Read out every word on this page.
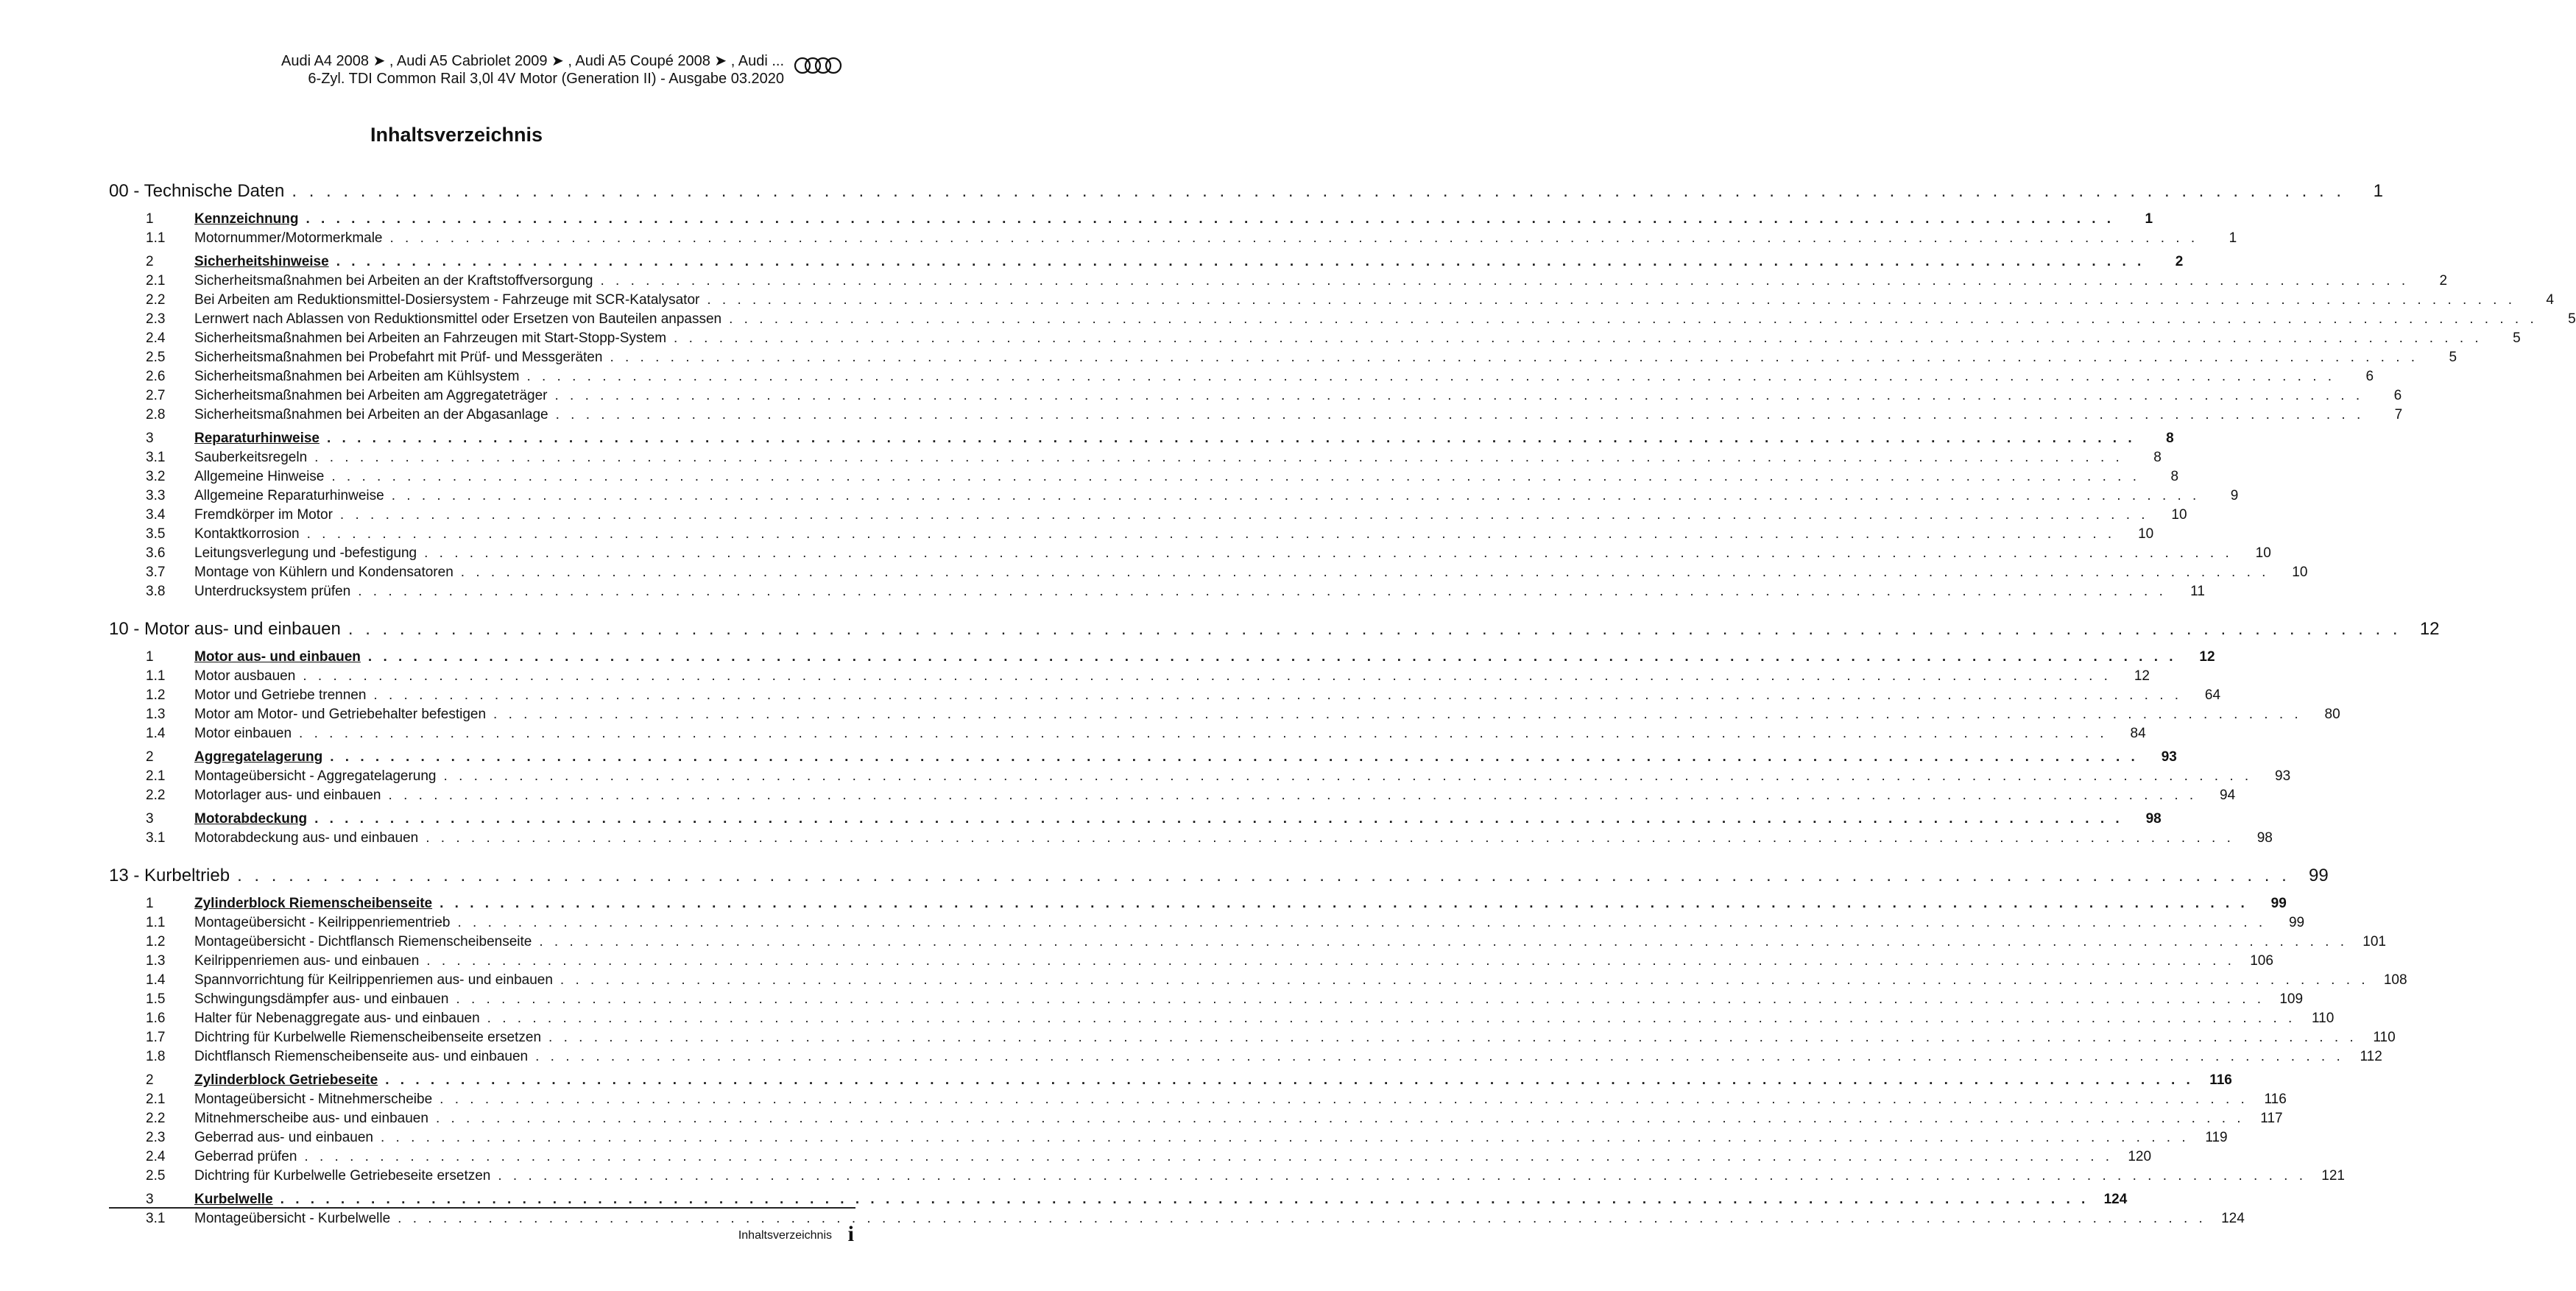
Audi A4 2008 ➤ , Audi A5 Cabriolet 2009 ➤ , Audi A5 Coupé 2008 ➤ , Audi ...
6-Zyl. TDI Common Rail 3,0l 4V Motor (Generation II) - Ausgabe 03.2020
Inhaltsverzeichnis
00 - Technische Daten . . . . . . . . . . . . . . . . . . . . . . . . . . . . . . . . . . . . . . . . . . . . . . . . . . . . . . . . . . . . . . . . . . . . . . . . . . . . . . . . . . . . . . . . . . . . . . . . . . . . . . . . . . . . . . . . . . . . . . . .	1
1	Kennzeichnung . . . . . . . . . . . . . . . . . . . . . . . . . . . . . . . . . . . . . . . . . . . . . . . . . . . . . . . . . . . . . . . . . . . . . . . . . . . . . . . . . . . . . . . . . . . . . . . . . . . . . . . . . . . . . . . . . . . . . . . .	1
1.1	Motornummer/Motormerkmale . . . . . . . . . . . . . . . . . . . . . . . . . . . . . . . . . . . . . . . . . . . . . . . . . . . . . . . . . . . . . . . . . . . . . . . . . . . . . . . . . . . . . . . . . . . . . . . . . . . . . . . . . . . . . . . . . . . . . . . .	1
2	Sicherheitshinweise . . . . . . . . . . . . . . . . . . . . . . . . . . . . . . . . . . . . . . . . . . . . . . . . . . . . . . . . . . . . . . . . . . . . . . . . . . . . . . . . . . . . . . . . . . . . . . . . . . . . . . . . . . . . . . . . . . . . . . . .	2
2.1	Sicherheitsmaßnahmen bei Arbeiten an der Kraftstoffversorgung . . . . . . . . . . . . . . . . . . . . . . . . . . . . . . . . . . . . . . . . . . . . . . . . . . . . . . . . . . . . . . . . . . . . . . . . . . . . . . . . . . . . . . . . . . . . . . . . . . . . . . . . . . . . . . . . . . . . . . . .	2
2.2	Bei Arbeiten am Reduktionsmittel-Dosiersystem - Fahrzeuge mit SCR-Katalysator . . . . . . . . . . . . . . . . . . . . . . . . . . . . . . . . . . . . . . . . . . . . . . . . . . . . . . . . . . . . . . . . . . . . . . . . . . . . . . . . . . . . . . . . . . . . . . . . . . . . . . . . . . . . . . . . . . . . . . . .	4
2.3	Lernwert nach Ablassen von Reduktionsmittel oder Ersetzen von Bauteilen anpassen . . . . . . . . . . . . . . . . . . . . . . . . . . . . . . . . . . . . . . . . . . . . . . . . . . . . . . . . . . . . . . . . . . . . . . . . . . . . . . . . . . . . . . . . . . . . . . . . . . . . . . . . . . . . . . . . . . . . . . . .	5
2.4	Sicherheitsmaßnahmen bei Arbeiten an Fahrzeugen mit Start-Stopp-System . . . . . . . . . . . . . . . . . . . . . . . . . . . . . . . . . . . . . . . . . . . . . . . . . . . . . . . . . . . . . . . . . . . . . . . . . . . . . . . . . . . . . . . . . . . . . . . . . . . . . . . . . . . . . . . . . . . . . . . .	5
2.5	Sicherheitsmaßnahmen bei Probefahrt mit Prüf- und Messgeräten . . . . . . . . . . . . . . . . . . . . . . . . . . . . . . . . . . . . . . . . . . . . . . . . . . . . . . . . . . . . . . . . . . . . . . . . . . . . . . . . . . . . . . . . . . . . . . . . . . . . . . . . . . . . . . . . . . . . . . . .	5
2.6	Sicherheitsmaßnahmen bei Arbeiten am Kühlsystem . . . . . . . . . . . . . . . . . . . . . . . . . . . . . . . . . . . . . . . . . . . . . . . . . . . . . . . . . . . . . . . . . . . . . . . . . . . . . . . . . . . . . . . . . . . . . . . . . . . . . . . . . . . . . . . . . . . . . . . .	6
2.7	Sicherheitsmaßnahmen bei Arbeiten am Aggregateträger . . . . . . . . . . . . . . . . . . . . . . . . . . . . . . . . . . . . . . . . . . . . . . . . . . . . . . . . . . . . . . . . . . . . . . . . . . . . . . . . . . . . . . . . . . . . . . . . . . . . . . . . . . . . . . . . . . . . . . . .	6
2.8	Sicherheitsmaßnahmen bei Arbeiten an der Abgasanlage . . . . . . . . . . . . . . . . . . . . . . . . . . . . . . . . . . . . . . . . . . . . . . . . . . . . . . . . . . . . . . . . . . . . . . . . . . . . . . . . . . . . . . . . . . . . . . . . . . . . . . . . . . . . . . . . . . . . . . . .	7
3	Reparaturhinweise . . . . . . . . . . . . . . . . . . . . . . . . . . . . . . . . . . . . . . . . . . . . . . . . . . . . . . . . . . . . . . . . . . . . . . . . . . . . . . . . . . . . . . . . . . . . . . . . . . . . . . . . . . . . . . . . . . . . . . . .	8
3.1	Sauberkeitsregeln . . . . . . . . . . . . . . . . . . . . . . . . . . . . . . . . . . . . . . . . . . . . . . . . . . . . . . . . . . . . . . . . . . . . . . . . . . . . . . . . . . . . . . . . . . . . . . . . . . . . . . . . . . . . . . . . . . . . . . . .	8
3.2	Allgemeine Hinweise . . . . . . . . . . . . . . . . . . . . . . . . . . . . . . . . . . . . . . . . . . . . . . . . . . . . . . . . . . . . . . . . . . . . . . . . . . . . . . . . . . . . . . . . . . . . . . . . . . . . . . . . . . . . . . . . . . . . . . . .	8
3.3	Allgemeine Reparaturhinweise . . . . . . . . . . . . . . . . . . . . . . . . . . . . . . . . . . . . . . . . . . . . . . . . . . . . . . . . . . . . . . . . . . . . . . . . . . . . . . . . . . . . . . . . . . . . . . . . . . . . . . . . . . . . . . . . . . . . . . . .	9
3.4	Fremdkörper im Motor . . . . . . . . . . . . . . . . . . . . . . . . . . . . . . . . . . . . . . . . . . . . . . . . . . . . . . . . . . . . . . . . . . . . . . . . . . . . . . . . . . . . . . . . . . . . . . . . . . . . . . . . . . . . . . . . . . . . . . . .	10
3.5	Kontaktkorrosion . . . . . . . . . . . . . . . . . . . . . . . . . . . . . . . . . . . . . . . . . . . . . . . . . . . . . . . . . . . . . . . . . . . . . . . . . . . . . . . . . . . . . . . . . . . . . . . . . . . . . . . . . . . . . . . . . . . . . . . .	10
3.6	Leitungsverlegung und -befestigung . . . . . . . . . . . . . . . . . . . . . . . . . . . . . . . . . . . . . . . . . . . . . . . . . . . . . . . . . . . . . . . . . . . . . . . . . . . . . . . . . . . . . . . . . . . . . . . . . . . . . . . . . . . . . . . . . . . . . . . .	10
3.7	Montage von Kühlern und Kondensatoren . . . . . . . . . . . . . . . . . . . . . . . . . . . . . . . . . . . . . . . . . . . . . . . . . . . . . . . . . . . . . . . . . . . . . . . . . . . . . . . . . . . . . . . . . . . . . . . . . . . . . . . . . . . . . . . . . . . . . . . .	10
3.8	Unterdrucksystem prüfen . . . . . . . . . . . . . . . . . . . . . . . . . . . . . . . . . . . . . . . . . . . . . . . . . . . . . . . . . . . . . . . . . . . . . . . . . . . . . . . . . . . . . . . . . . . . . . . . . . . . . . . . . . . . . . . . . . . . . . . .	11
10 - Motor aus- und einbauen . . . . . . . . . . . . . . . . . . . . . . . . . . . . . . . . . . . . . . . . . . . . . . . . . . . . . . . . . . . . . . . . . . . . . . . . . . . . . . . . . . . . . . . . . . . . . . . . . . . . . . . . . . . . . . . . . . . . . . . .	12
1	Motor aus- und einbauen . . . . . . . . . . . . . . . . . . . . . . . . . . . . . . . . . . . . . . . . . . . . . . . . . . . . . . . . . . . . . . . . . . . . . . . . . . . . . . . . . . . . . . . . . . . . . . . . . . . . . . . . . . . . . . . . . . . . . . . .	12
1.1	Motor ausbauen . . . . . . . . . . . . . . . . . . . . . . . . . . . . . . . . . . . . . . . . . . . . . . . . . . . . . . . . . . . . . . . . . . . . . . . . . . . . . . . . . . . . . . . . . . . . . . . . . . . . . . . . . . . . . . . . . . . . . . . .	12
1.2	Motor und Getriebe trennen . . . . . . . . . . . . . . . . . . . . . . . . . . . . . . . . . . . . . . . . . . . . . . . . . . . . . . . . . . . . . . . . . . . . . . . . . . . . . . . . . . . . . . . . . . . . . . . . . . . . . . . . . . . . . . . . . . . . . . . .	64
1.3	Motor am Motor- und Getriebehalter befestigen . . . . . . . . . . . . . . . . . . . . . . . . . . . . . . . . . . . . . . . . . . . . . . . . . . . . . . . . . . . . . . . . . . . . . . . . . . . . . . . . . . . . . . . . . . . . . . . . . . . . . . . . . . . . . . . . . . . . . . . .	80
1.4	Motor einbauen . . . . . . . . . . . . . . . . . . . . . . . . . . . . . . . . . . . . . . . . . . . . . . . . . . . . . . . . . . . . . . . . . . . . . . . . . . . . . . . . . . . . . . . . . . . . . . . . . . . . . . . . . . . . . . . . . . . . . . . .	84
2	Aggregatelagerung . . . . . . . . . . . . . . . . . . . . . . . . . . . . . . . . . . . . . . . . . . . . . . . . . . . . . . . . . . . . . . . . . . . . . . . . . . . . . . . . . . . . . . . . . . . . . . . . . . . . . . . . . . . . . . . . . . . . . . . .	93
2.1	Montageübersicht - Aggregatelagerung . . . . . . . . . . . . . . . . . . . . . . . . . . . . . . . . . . . . . . . . . . . . . . . . . . . . . . . . . . . . . . . . . . . . . . . . . . . . . . . . . . . . . . . . . . . . . . . . . . . . . . . . . . . . . . . . . . . . . . . .	93
2.2	Motorlager aus- und einbauen . . . . . . . . . . . . . . . . . . . . . . . . . . . . . . . . . . . . . . . . . . . . . . . . . . . . . . . . . . . . . . . . . . . . . . . . . . . . . . . . . . . . . . . . . . . . . . . . . . . . . . . . . . . . . . . . . . . . . . . .	94
3	Motorabdeckung . . . . . . . . . . . . . . . . . . . . . . . . . . . . . . . . . . . . . . . . . . . . . . . . . . . . . . . . . . . . . . . . . . . . . . . . . . . . . . . . . . . . . . . . . . . . . . . . . . . . . . . . . . . . . . . . . . . . . . . .	98
3.1	Motorabdeckung aus- und einbauen . . . . . . . . . . . . . . . . . . . . . . . . . . . . . . . . . . . . . . . . . . . . . . . . . . . . . . . . . . . . . . . . . . . . . . . . . . . . . . . . . . . . . . . . . . . . . . . . . . . . . . . . . . . . . . . . . . . . . . . .	98
13 - Kurbeltrieb . . . . . . . . . . . . . . . . . . . . . . . . . . . . . . . . . . . . . . . . . . . . . . . . . . . . . . . . . . . . . . . . . . . . . . . . . . . . . . . . . . . . . . . . . . . . . . . . . . . . . . . . . . . . . . . . . . . . . . . .	99
1	Zylinderblock Riemenscheibenseite . . . . . . . . . . . . . . . . . . . . . . . . . . . . . . . . . . . . . . . . . . . . . . . . . . . . . . . . . . . . . . . . . . . . . . . . . . . . . . . . . . . . . . . . . . . . . . . . . . . . . . . . . . . . . . . . . . . . . . . .	99
1.1	Montageübersicht - Keilrippenriementrieb . . . . . . . . . . . . . . . . . . . . . . . . . . . . . . . . . . . . . . . . . . . . . . . . . . . . . . . . . . . . . . . . . . . . . . . . . . . . . . . . . . . . . . . . . . . . . . . . . . . . . . . . . . . . . . . . . . . . . . . .	99
1.2	Montageübersicht - Dichtflansch Riemenscheibenseite . . . . . . . . . . . . . . . . . . . . . . . . . . . . . . . . . . . . . . . . . . . . . . . . . . . . . . . . . . . . . . . . . . . . . . . . . . . . . . . . . . . . . . . . . . . . . . . . . . . . . . . . . . . . . . . . . . . . . . . .	101
1.3	Keilrippenriemen aus- und einbauen . . . . . . . . . . . . . . . . . . . . . . . . . . . . . . . . . . . . . . . . . . . . . . . . . . . . . . . . . . . . . . . . . . . . . . . . . . . . . . . . . . . . . . . . . . . . . . . . . . . . . . . . . . . . . . . . . . . . . . . .	106
1.4	Spannvorrichtung für Keilrippenriemen aus- und einbauen . . . . . . . . . . . . . . . . . . . . . . . . . . . . . . . . . . . . . . . . . . . . . . . . . . . . . . . . . . . . . . . . . . . . . . . . . . . . . . . . . . . . . . . . . . . . . . . . . . . . . . . . . . . . . . . . . . . . . . . .	108
1.5	Schwingungsdämpfer aus- und einbauen . . . . . . . . . . . . . . . . . . . . . . . . . . . . . . . . . . . . . . . . . . . . . . . . . . . . . . . . . . . . . . . . . . . . . . . . . . . . . . . . . . . . . . . . . . . . . . . . . . . . . . . . . . . . . . . . . . . . . . . .	109
1.6	Halter für Nebenaggregate aus- und einbauen . . . . . . . . . . . . . . . . . . . . . . . . . . . . . . . . . . . . . . . . . . . . . . . . . . . . . . . . . . . . . . . . . . . . . . . . . . . . . . . . . . . . . . . . . . . . . . . . . . . . . . . . . . . . . . . . . . . . . . . .	110
1.7	Dichtring für Kurbelwelle Riemenscheibenseite ersetzen . . . . . . . . . . . . . . . . . . . . . . . . . . . . . . . . . . . . . . . . . . . . . . . . . . . . . . . . . . . . . . . . . . . . . . . . . . . . . . . . . . . . . . . . . . . . . . . . . . . . . . . . . . . . . . . . . . . . . . . .	110
1.8	Dichtflansch Riemenscheibenseite aus- und einbauen . . . . . . . . . . . . . . . . . . . . . . . . . . . . . . . . . . . . . . . . . . . . . . . . . . . . . . . . . . . . . . . . . . . . . . . . . . . . . . . . . . . . . . . . . . . . . . . . . . . . . . . . . . . . . . . . . . . . . . . .	112
2	Zylinderblock Getriebeseite . . . . . . . . . . . . . . . . . . . . . . . . . . . . . . . . . . . . . . . . . . . . . . . . . . . . . . . . . . . . . . . . . . . . . . . . . . . . . . . . . . . . . . . . . . . . . . . . . . . . . . . . . . . . . . . . . . . . . . . .	116
2.1	Montageübersicht - Mitnehmerscheibe . . . . . . . . . . . . . . . . . . . . . . . . . . . . . . . . . . . . . . . . . . . . . . . . . . . . . . . . . . . . . . . . . . . . . . . . . . . . . . . . . . . . . . . . . . . . . . . . . . . . . . . . . . . . . . . . . . . . . . . .	116
2.2	Mitnehmerscheibe aus- und einbauen . . . . . . . . . . . . . . . . . . . . . . . . . . . . . . . . . . . . . . . . . . . . . . . . . . . . . . . . . . . . . . . . . . . . . . . . . . . . . . . . . . . . . . . . . . . . . . . . . . . . . . . . . . . . . . . . . . . . . . . .	117
2.3	Geberrad aus- und einbauen . . . . . . . . . . . . . . . . . . . . . . . . . . . . . . . . . . . . . . . . . . . . . . . . . . . . . . . . . . . . . . . . . . . . . . . . . . . . . . . . . . . . . . . . . . . . . . . . . . . . . . . . . . . . . . . . . . . . . . . .	119
2.4	Geberrad prüfen . . . . . . . . . . . . . . . . . . . . . . . . . . . . . . . . . . . . . . . . . . . . . . . . . . . . . . . . . . . . . . . . . . . . . . . . . . . . . . . . . . . . . . . . . . . . . . . . . . . . . . . . . . . . . . . . . . . . . . . .	120
2.5	Dichtring für Kurbelwelle Getriebeseite ersetzen . . . . . . . . . . . . . . . . . . . . . . . . . . . . . . . . . . . . . . . . . . . . . . . . . . . . . . . . . . . . . . . . . . . . . . . . . . . . . . . . . . . . . . . . . . . . . . . . . . . . . . . . . . . . . . . . . . . . . . . .	121
3	Kurbelwelle . . . . . . . . . . . . . . . . . . . . . . . . . . . . . . . . . . . . . . . . . . . . . . . . . . . . . . . . . . . . . . . . . . . . . . . . . . . . . . . . . . . . . . . . . . . . . . . . . . . . . . . . . . . . . . . . . . . . . . . .	124
3.1	Montageübersicht - Kurbelwelle . . . . . . . . . . . . . . . . . . . . . . . . . . . . . . . . . . . . . . . . . . . . . . . . . . . . . . . . . . . . . . . . . . . . . . . . . . . . . . . . . . . . . . . . . . . . . . . . . . . . . . . . . . . . . . . . . . . . . . . .	124
Inhaltsverzeichnis i
